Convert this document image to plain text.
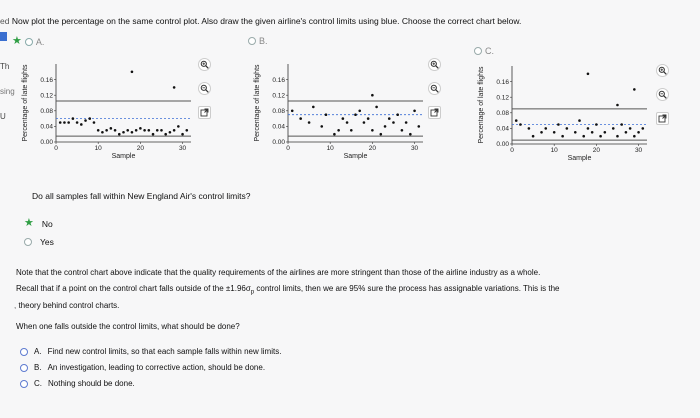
ed Now plot the percentage on the same control plot. Also draw the given airline's control limits using blue. Choose the correct chart below.
Th
sing
U
★ A.	B.
C.
Percentage of late flights 0.16
0.12
0.08
0.04
0.00
0	10	20	30
Sample
Percentage of late flights 0.16
0.12
0.08
0.04
0.00
0	10	20	30
Sample
Percentage of late flights 0.16
0.12
0.08
0.04
0.00
0	10	20	30
Sample
Do all samples fall within New England Air's control limits?
★ No
Yes
Note that the control chart above indicate that the quality requirements of the airlines are more stringent than those of the airline industry as a whole.
Recall that if a point on the control chart falls outside of the $\pm 1.96\sigma_p$ control limits, then we are 95% sure the process has assignable variations. This is the
, theory behind control charts.
When one falls outside the control limits, what should be done?
A. Find new control limits, so that each sample falls within new limits.
B. An investigation, leading to corrective action, should be done.
C. Nothing should be done.
